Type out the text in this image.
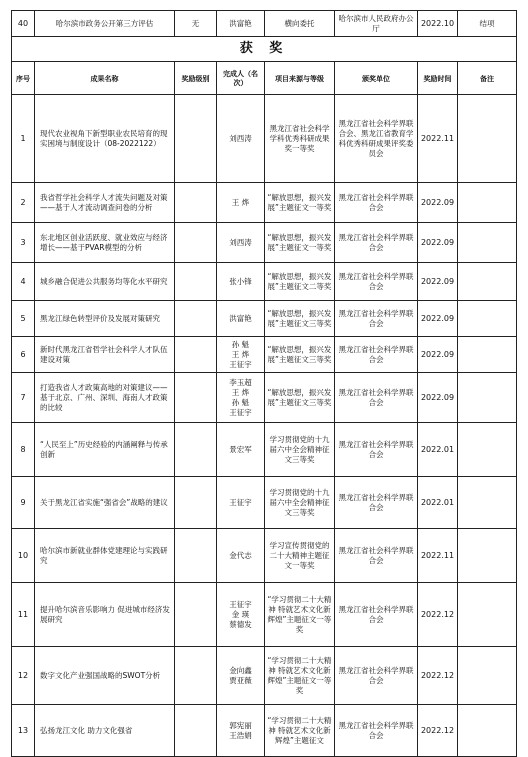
40	哈尔滨市政务公开第三方评估	无	洪富艳	横向委托	哈尔滨市人民政府办公厅	2022.10	结项
获 奖							
序号	成果名称	奖励级别	完成人（名次）	项目来源与等级	颁奖单位	奖励时间	备注
1	现代农业视角下新型职业农民培育的现实困境与制度设计（08-2022122）		刘西涛	黑龙江省社会科学学科优秀科研成果奖一等奖	黑龙江省社会科学界联合会、黑龙江省教育学科优秀科研成果评奖委员会	2022.11	
2	我省哲学社会科学人才流失问题及对策——基于人才流动调查问卷的分析		王 烨	“解放思想，振兴发展”主题征文一等奖	黑龙江省社会科学界联合会	2022.09	
3	东北地区创业活跃度、就业效应与经济增长——基于PVAR模型的分析		刘西涛	“解放思想，振兴发展”主题征文一等奖	黑龙江省社会科学界联合会	2022.09	
4	城乡融合促进公共服务均等化水平研究		张小锋	“解放思想，振兴发展”主题征文二等奖	黑龙江省社会科学界联合会	2022.09	
5	黑龙江绿色转型评价及发展对策研究		洪富艳	“解放思想，振兴发展”主题征文三等奖	黑龙江省社会科学界联合会	2022.09	
6	新时代黑龙江省哲学社会科学人才队伍建设对策		孙 魁
王 烨
王征宇	“解放思想，振兴发展”主题征文三等奖	黑龙江省社会科学界联合会	2022.09	
7	打造我省人才政策高地的对策建议——基于北京、广州、深圳、海南人才政策的比较		李玉超
王 烨
孙 魁
王征宇	“解放思想，振兴发展”主题征文三等奖	黑龙江省社会科学界联合会	2022.09	
8	“人民至上”历史经验的内涵阐释与传承创新		景宏军	学习贯彻党的十九届六中全会精神征文三等奖	黑龙江省社会科学界联合会	2022.01	
9	关于黑龙江省实施“强省会”战略的建议		王征宇	学习贯彻党的十九届六中全会精神征文三等奖	黑龙江省社会科学界联合会	2022.01	
10	哈尔滨市新就业群体党建理论与实践研究		金代志	学习宣传贯彻党的二十大精神主题征文一等奖	黑龙江省社会科学界联合会	2022.11	
11	提升哈尔滨音乐影响力 促进城市经济发展研究		王征宇
金 瑛
蔡德发	“学习贯彻二十大精神 特就艺术文化新辉煌”主题征文一等奖	黑龙江省社会科学界联合会	2022.12	
12	数字文化产业强国战略的SWOT分析		金向鑫
贾亚薇	“学习贯彻二十大精神 特就艺术文化新辉煌”主题征文一等奖	黑龙江省社会科学界联合会	2022.12	
13	弘扬龙江文化 助力文化强省		郭宪丽
王浩娟	“学习贯彻二十大精神 特就艺术文化新辉煌”主题征文	黑龙江省社会科学界联合会	2022.12	
